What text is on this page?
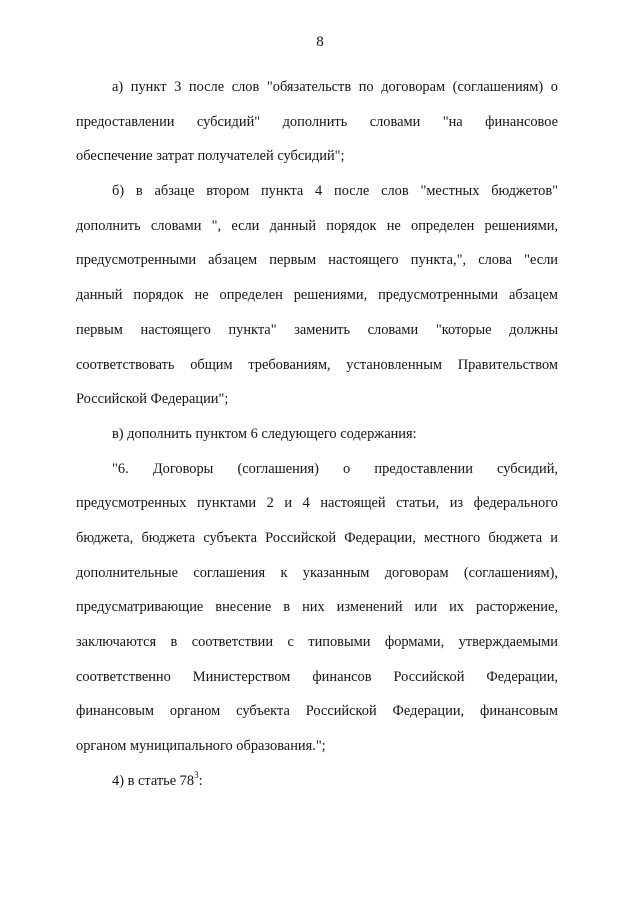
8
а) пункт 3 после слов "обязательств по договорам (соглашениям) о
предоставлении субсидий" дополнить словами "на финансовое
обеспечение затрат получателей субсидий";
б) в абзаце втором пункта 4 после слов "местных бюджетов"
дополнить словами ", если данный порядок не определен решениями,
предусмотренными абзацем первым настоящего пункта,", слова "если
данный порядок не определен решениями, предусмотренными абзацем
первым настоящего пункта" заменить словами "которые должны
соответствовать общим требованиям, установленным Правительством
Российской Федерации";
в) дополнить пунктом 6 следующего содержания:
"6. Договоры (соглашения) о предоставлении субсидий,
предусмотренных пунктами 2 и 4 настоящей статьи, из федерального
бюджета, бюджета субъекта Российской Федерации, местного бюджета и
дополнительные соглашения к указанным договорам (соглашениям),
предусматривающие внесение в них изменений или их расторжение,
заключаются в соответствии с типовыми формами, утверждаемыми
соответственно Министерством финансов Российской Федерации,
финансовым органом субъекта Российской Федерации, финансовым
органом муниципального образования.";
4) в статье $78^3$:
